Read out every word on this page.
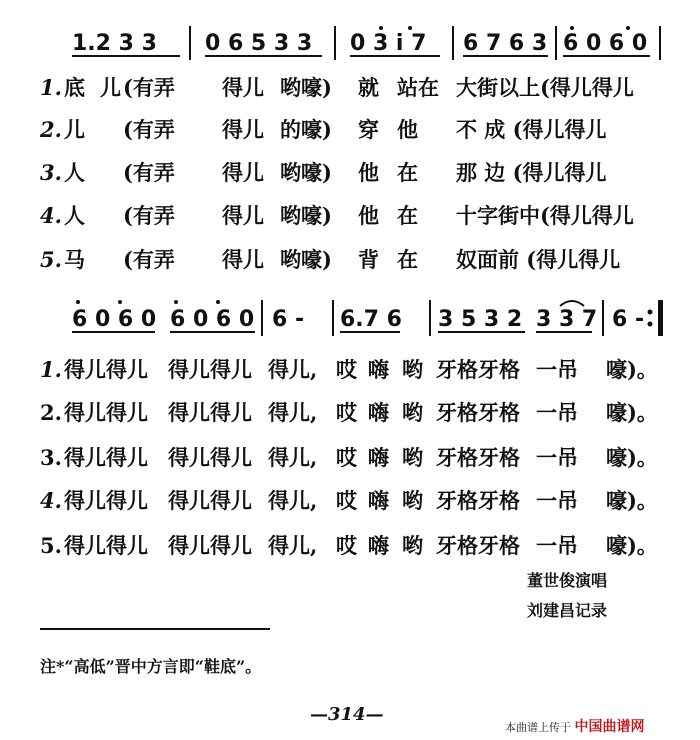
1.2 3 3 0 6 5 3 3 0 3 i 7 6 7 6 3 6 0 6 0
1. 底 儿 (有弄 得儿 哟嚎) 就 站在 大街以上(得儿得儿
2. 儿 (有弄 得儿 的嚎) 穿 他 不 成 (得儿得儿
3. 人 (有弄 得儿 哟嚎) 他 在 那 边 (得儿得儿
4. 人 (有弄 得儿 哟嚎) 他 在 十字街中(得儿得儿
5. 马 (有弄 得儿 哟嚎) 背 在 奴面前 (得儿得儿
6 0 6 0 6 0 6 0 6 - 6.7 6 3 5 3 2 3 3 7 6 -
1. 得儿得儿 得儿得儿 得儿, 哎 嗨 哟 牙格牙格 一吊 嚎)。
2. 得儿得儿 得儿得儿 得儿, 哎 嗨 哟 牙格牙格 一吊 嚎)。
3. 得儿得儿 得儿得儿 得儿, 哎 嗨 哟 牙格牙格 一吊 嚎)。
4. 得儿得儿 得儿得儿 得儿, 哎 嗨 哟 牙格牙格 一吊 嚎)。
5. 得儿得儿 得儿得儿 得儿, 哎 嗨 哟 牙格牙格 一吊 嚎)。
董世俊演唱
刘建昌记录
注*“高低”晋中方言即“鞋底”。
—314—
本曲谱上传于 中国曲谱网
